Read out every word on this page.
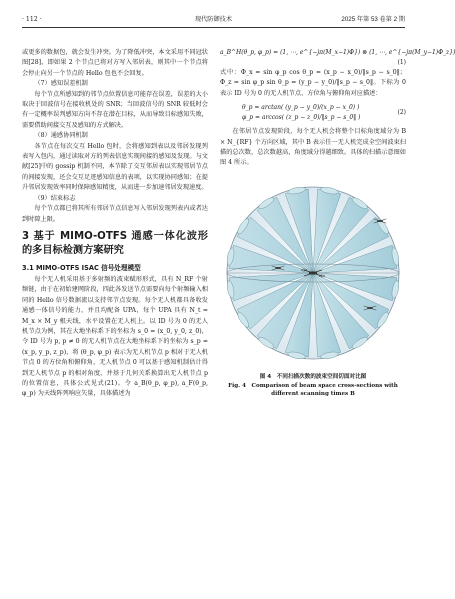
· 112 ·	现代防御技术	2025 年第 53 卷第 2 期

或更多的数据包，就会发生冲突。为了降低冲突，本文采用不同冠状图[28]，即如果 2 个节点已将对方写入邻居表，则其中一个节点将会停止向另一个节点的 Hello 包也不会回复。

（7）感知误差机制

每个节点所感知到的邻节点位置信息可能存在误差，误差的大小取决于回波信号在接收机处的 SNR；当回波信号的 SNR 较低时会有一定概率误判感知方向不存在潜在目标，从而导致目标感知失败，需要借助间接交互及感知的方式解决。

（8）通感协同机制

各节点在每次交互 Hello 包时，会将感知到表以及邻居发现列表写入包内，通过读取对方的列表信息实现间接的感知及发现。与文献[25]中的 gossip 机制不同，本节除了交互邻居表以实现邻居节点的间接发现，还会交互足迹感知信息的表项，以实现协同感知；在提升邻居发现效率同时保障感知精度，从而进一步加速邻居发现速度。

（9）结束标志

每个节点都已将其所有邻居节点信息写入邻居发现列表内或者达到时隙上限。

3 基于 MIMO-OTFS 通感一体化波形的多目标检测方案研究
3.1 MIMO-OTFS ISAC 信号处理模型

每个无人机采用基于多射频的波束赋形形式，具有 N_RF 个射频链，由于在初始建网阶段，四此各发送节点需要向每个射频输入相同的 Hello 信号数据流以支持邻节点发现。每个无人机都具备收发通感一体信号的能力，并且均配备 UPA，每个 UPA 具有 N_t = M_x × M_y 根天线，水平设置在无人机上。以 ID 号为 0 的无人机节点为例，其在大地坐标系下的坐标为 s_0 = (x_0, y_0, z_0)，令 ID 号为 p, p ≠ 0 的无人机节点在大地坐标系下的坐标为 s_p = (x_p, y_p, z_p)，将 (θ_p, φ_p) 表示为无人机节点 p 相对于无人机节点 0 的方位角和俯仰角，无人机节点 0 可以基于感知机制估计得到无人机节点 p 的相对角度，并基于几何关系换算出无人机节点 p 的位置信息，具体公式见式(21)。令 a_B(θ_p, φ_p), a_F(θ_p, φ_p) 为天线阵列响应矢量，具体描述为

a_B^H(θ_p, φ_p) = (1, ⋯, e^{−jπ(M_x−1)Φ}) ⊗ (1, ⋯, e^{−jπ(M_y−1)Φ_z})
(1)

式中：Φ_x = sin φ_p cos θ_p = (x_p − x_0)/‖s_p − s_0‖；Φ_z = sin φ_p sin θ_p = (y_p − y_0)/‖s_p − s_0‖。下标为 0 表示 ID 号为 0 的无人机节点，方位角与俯仰角对应描述：

θ_p = arctan( (y_p − y_0)/(x_p − x_0) )
φ_p = arccos( (z_p − z_0)/‖s_p − s_0‖ )
(2)

在邻居节点发现阶段，每个无人机会将整个目标角度域分为 B × N_{RF} 个方向区域，其中 B 表示任一无人机完成全空间波束扫描的总次数，总次数越高，角度域分得越细致。具体的扫描示意图如图 4 所示。

图 4　不同扫描次数的波束空间切面对比图
Fig. 4　Comparison of beam space cross-sections with
different scanning times B
